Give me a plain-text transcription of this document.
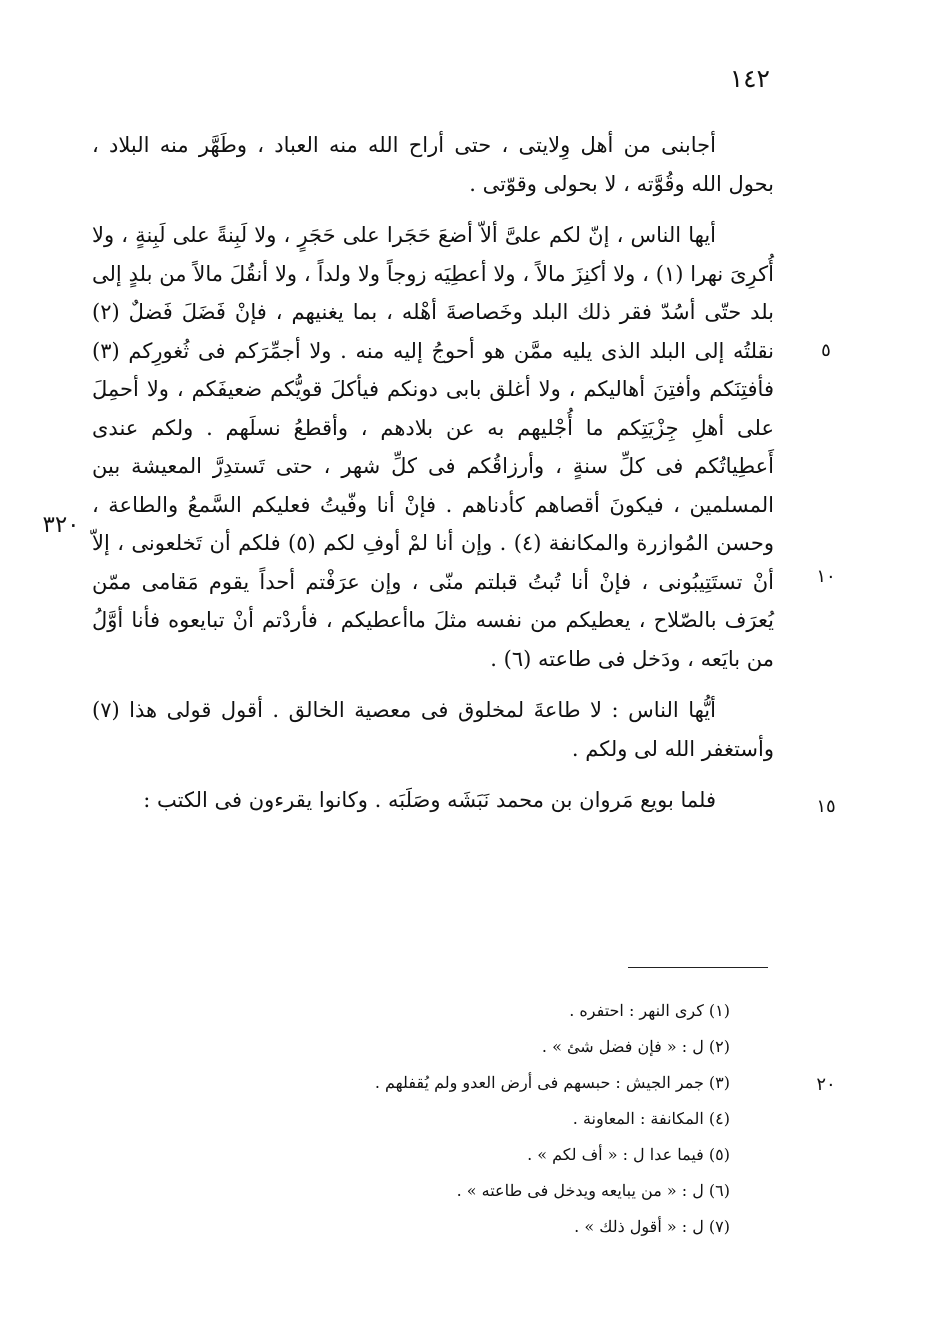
١٤٢

أجابنى من أهل وِلايتى ، حتى أراح الله منه العباد ، وطَهَّر منه البلاد ، بحول الله وقُوَّته ، لا بحولى وقوّتى .

أيها الناس ، إنّ لكم علىَّ ألاّ أضعَ حَجَرا على حَجَرٍ ، ولا لَبِنةً على لَبِنةٍ ، ولا أُكرِىَ نهرا (١) ، ولا أكنِزَ مالاً ، ولا أعطِيَه زوجاً ولا ولداً ، ولا أنقُلَ مالاً من بلدٍ إلى بلد حتّى أسُدّ فقر ذلك البلد وخَصاصةَ أهْله ، بما يغنيهم ، فإنْ فَضَلَ فَضلٌ (٢) نقلتُه إلى البلد الذى يليه ممَّن هو أحوجُ إليه منه . ولا أجمِّرَكم فى ثُغورِكم (٣) فأفتِنَكم وأفتِنَ أهاليكم ، ولا أغلق بابى دونكم فيأكلَ قويُّكم ضعيفَكم ، ولا أحمِلَ على أهلِ جِزْيَتِكم ما أُجْليهم به عن بلادهم ، وأقطعُ نسلَهم . ولكم عندى أَعطِياتُكم فى كلِّ سنةٍ ، وأرزاقُكم فى كلِّ شهر ، حتى تَستدِرَّ المعيشة بين المسلمين ، فيكونَ أقصاهم كأدناهم . فإنْ أنا وفّيتُ فعليكم السَّمعُ والطاعة ، وحسن المُوازرة والمكانفة (٤) . وإن أنا لمْ أوفِ لكم (٥) فلكم أن تَخلعونى ، إلاّ أنْ تستَتِيبُونى ، فإنْ أنا تُبتُ قبلتم منّى ، وإن عرَفْتم أحداً يقوم مَقامى ممّن يُعرَف بالصّلاح ، يعطيكم من نفسه مثلَ ماأعطيكم ، فأردْتم أنْ تبايعوه فأنا أوَّلُ من بايَعه ، ودَخل فى طاعته (٦) .

أيُّها الناس : لا طاعةَ لمخلوق فى معصية الخالق . أقول قولى هذا (٧) وأستغفر الله لى ولكم .

فلما بويع مَروان بن محمد نَبَشَه وصَلَبَه . وكانوا يقرءون فى الكتب :

٥
٣٢٠
١٠
١٥
٢٠

(١) كرى النهر : احتفره .

(٢) ل : « فإن فضل شئ » .

(٣) جمر الجيش : حبسهم فى أرض العدو ولم يُقفلهم .

(٤) المكانفة : المعاونة .

(٥) فيما عدا ل : « أف لكم » .

(٦) ل : « من يبايعه ويدخل فى طاعته » .

(٧) ل : « أقول ذلك » .
